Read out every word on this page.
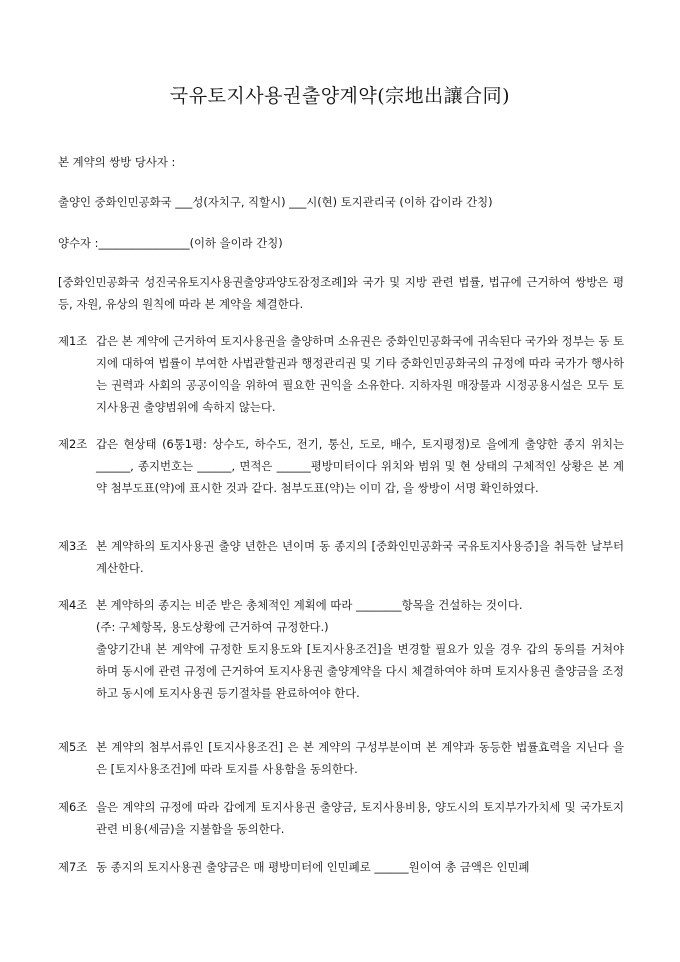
국유토지사용권출양계약(宗地出讓合同)
본 계약의 쌍방 당사자 :
출양인 중화인민공화국 ___성(자치구, 직할시) ___시(현) 토지관리국 (이하 갑이라 간칭)
양수자 :________________(이하 을이라 간칭)
[중화인민공화국 성진국유토지사용권출양과양도잠정조례]와 국가 및 지방 관련 법률, 법규에 근거하여 쌍방은 평등, 자원, 유상의 원칙에 따라 본 계약을 체결한다.
제1조 갑은 본 계약에 근거하여 토지사용권을 출양하며 소유권은 중화인민공화국에 귀속된다 국가와 정부는 동 토지에 대하여 법률이 부여한 사법관할권과 행정관리권 및 기타 중화인민공화국의 규정에 따라 국가가 행사하는 권력과 사회의 공공이익을 위하여 필요한 권익을 소유한다. 지하자원 매장물과 시정공용시설은 모두 토지사용권 출양범위에 속하지 않는다.
제2조 갑은 현상태 (6통1평: 상수도, 하수도, 전기, 통신, 도로, 배수, 토지평정)로 을에게 출양한 종지 위치는 ______, 종지번호는 ______, 면적은 ______평방미터이다 위치와 범위 및 현 상태의 구체적인 상황은 본 계약 첨부도표(약)에 표시한 것과 같다. 첨부도표(약)는 이미 갑, 을 쌍방이 서명 확인하였다.
제3조 본 계약하의 토지사용권 출양 년한은 년이며 동 종지의 [중화인민공화국 국유토지사용증]을 취득한 날부터 계산한다.
제4조 본 계약하의 종지는 비준 받은 총체적인 계획에 따라 ________항목을 건설하는 것이다.
(주: 구체항목, 용도상황에 근거하여 규정한다.)
출양기간내 본 계약에 규정한 토지용도와 [토지사용조건]을 변경할 필요가 있을 경우 갑의 동의를 거쳐야 하며 동시에 관련 규정에 근거하여 토지사용권 출양계약을 다시 체결하여야 하며 토지사용권 출양금을 조정하고 동시에 토지사용권 등기절차를 완료하여야 한다.
제5조 본 계약의 첨부서류인 [토지사용조건] 은 본 계약의 구성부분이며 본 계약과 동등한 법률효력을 지닌다 을은 [토지사용조건]에 따라 토지를 사용함을 동의한다.
제6조 을은 계약의 규정에 따라 갑에게 토지사용권 출양금, 토지사용비용, 양도시의 토지부가가치세 및 국가토지 관련 비용(세금)을 지불함을 동의한다.
제7조 동 종지의 토지사용권 출양금은 매 평방미터에 인민폐로 ______원이여 총 금액은 인민폐
